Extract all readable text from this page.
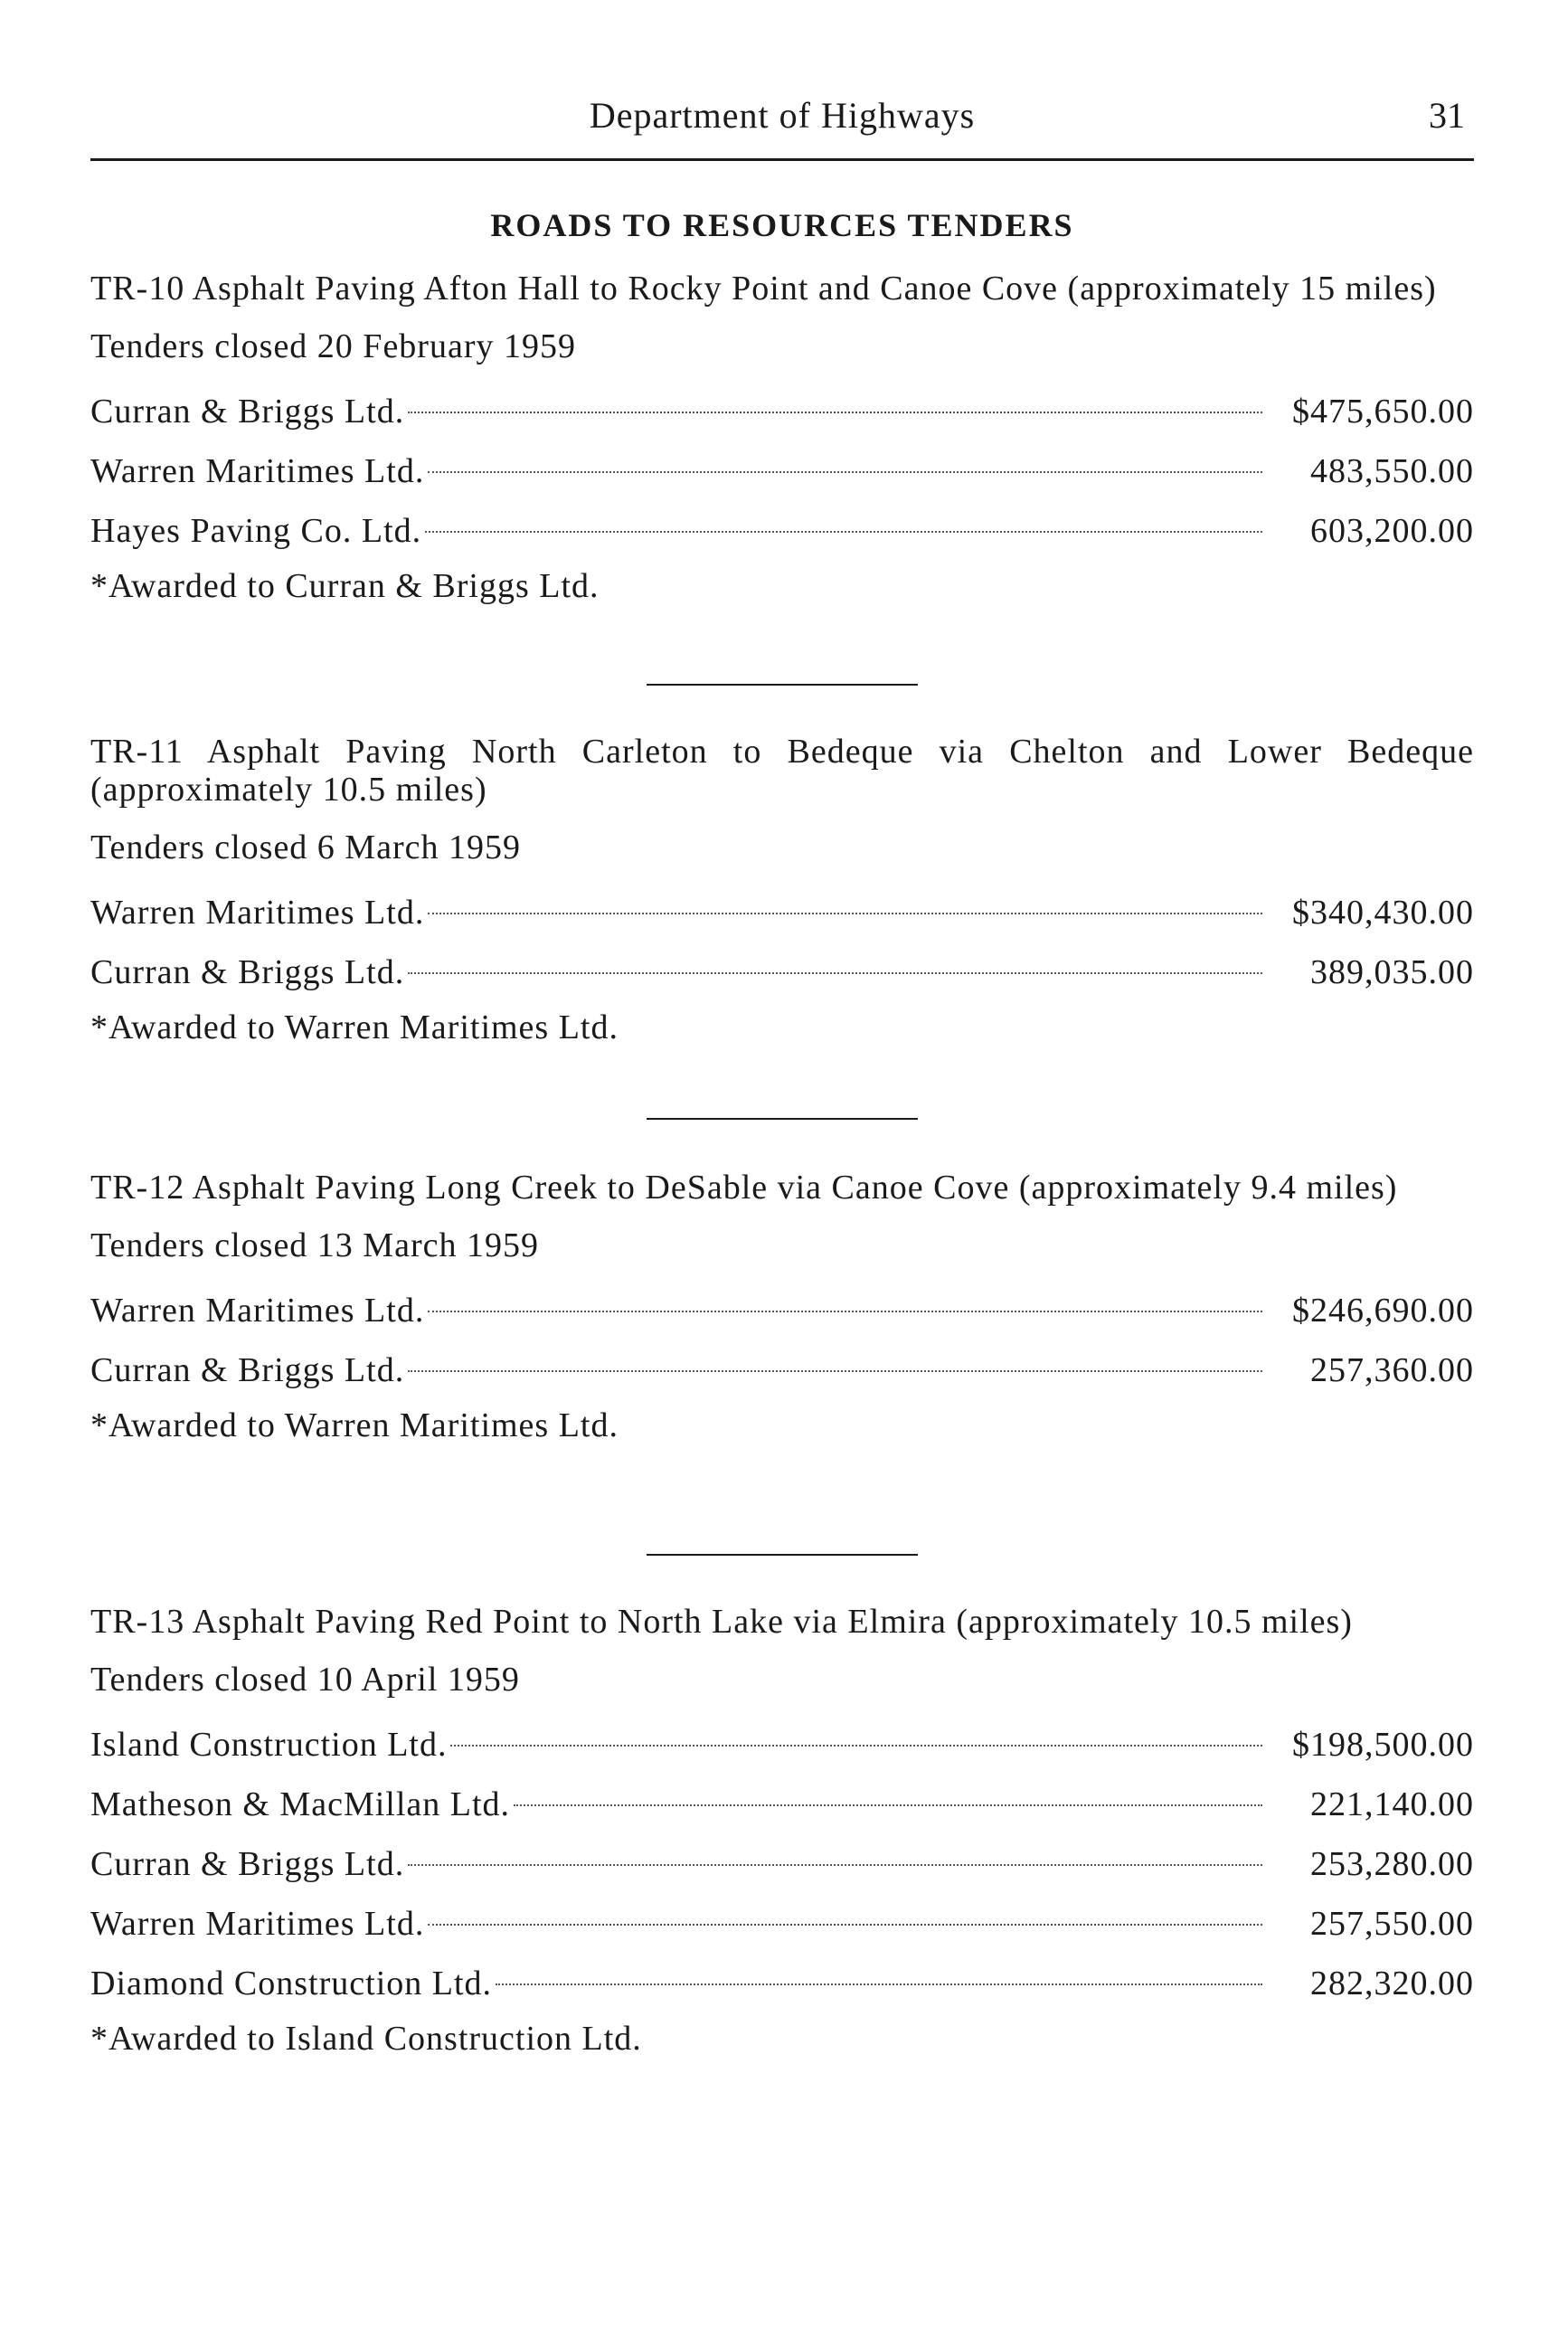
Department of Highways	31
ROADS TO RESOURCES TENDERS
TR-10 Asphalt Paving Afton Hall to Rocky Point and Canoe Cove (approximately 15 miles)
Tenders closed 20 February 1959
Curran & Briggs Ltd.	$475,650.00
Warren Maritimes Ltd.	483,550.00
Hayes Paving Co. Ltd.	603,200.00
*Awarded to Curran & Briggs Ltd.
TR-11 Asphalt Paving North Carleton to Bedeque via Chelton and Lower Bedeque (approximately 10.5 miles)
Tenders closed 6 March 1959
Warren Maritimes Ltd.	$340,430.00
Curran & Briggs Ltd.	389,035.00
*Awarded to Warren Maritimes Ltd.
TR-12 Asphalt Paving Long Creek to DeSable via Canoe Cove (approximately 9.4 miles)
Tenders closed 13 March 1959
Warren Maritimes Ltd.	$246,690.00
Curran & Briggs Ltd.	257,360.00
*Awarded to Warren Maritimes Ltd.
TR-13 Asphalt Paving Red Point to North Lake via Elmira (approximately 10.5 miles)
Tenders closed 10 April 1959
Island Construction Ltd.	$198,500.00
Matheson & MacMillan Ltd.	221,140.00
Curran & Briggs Ltd.	253,280.00
Warren Maritimes Ltd.	257,550.00
Diamond Construction Ltd.	282,320.00
*Awarded to Island Construction Ltd.
